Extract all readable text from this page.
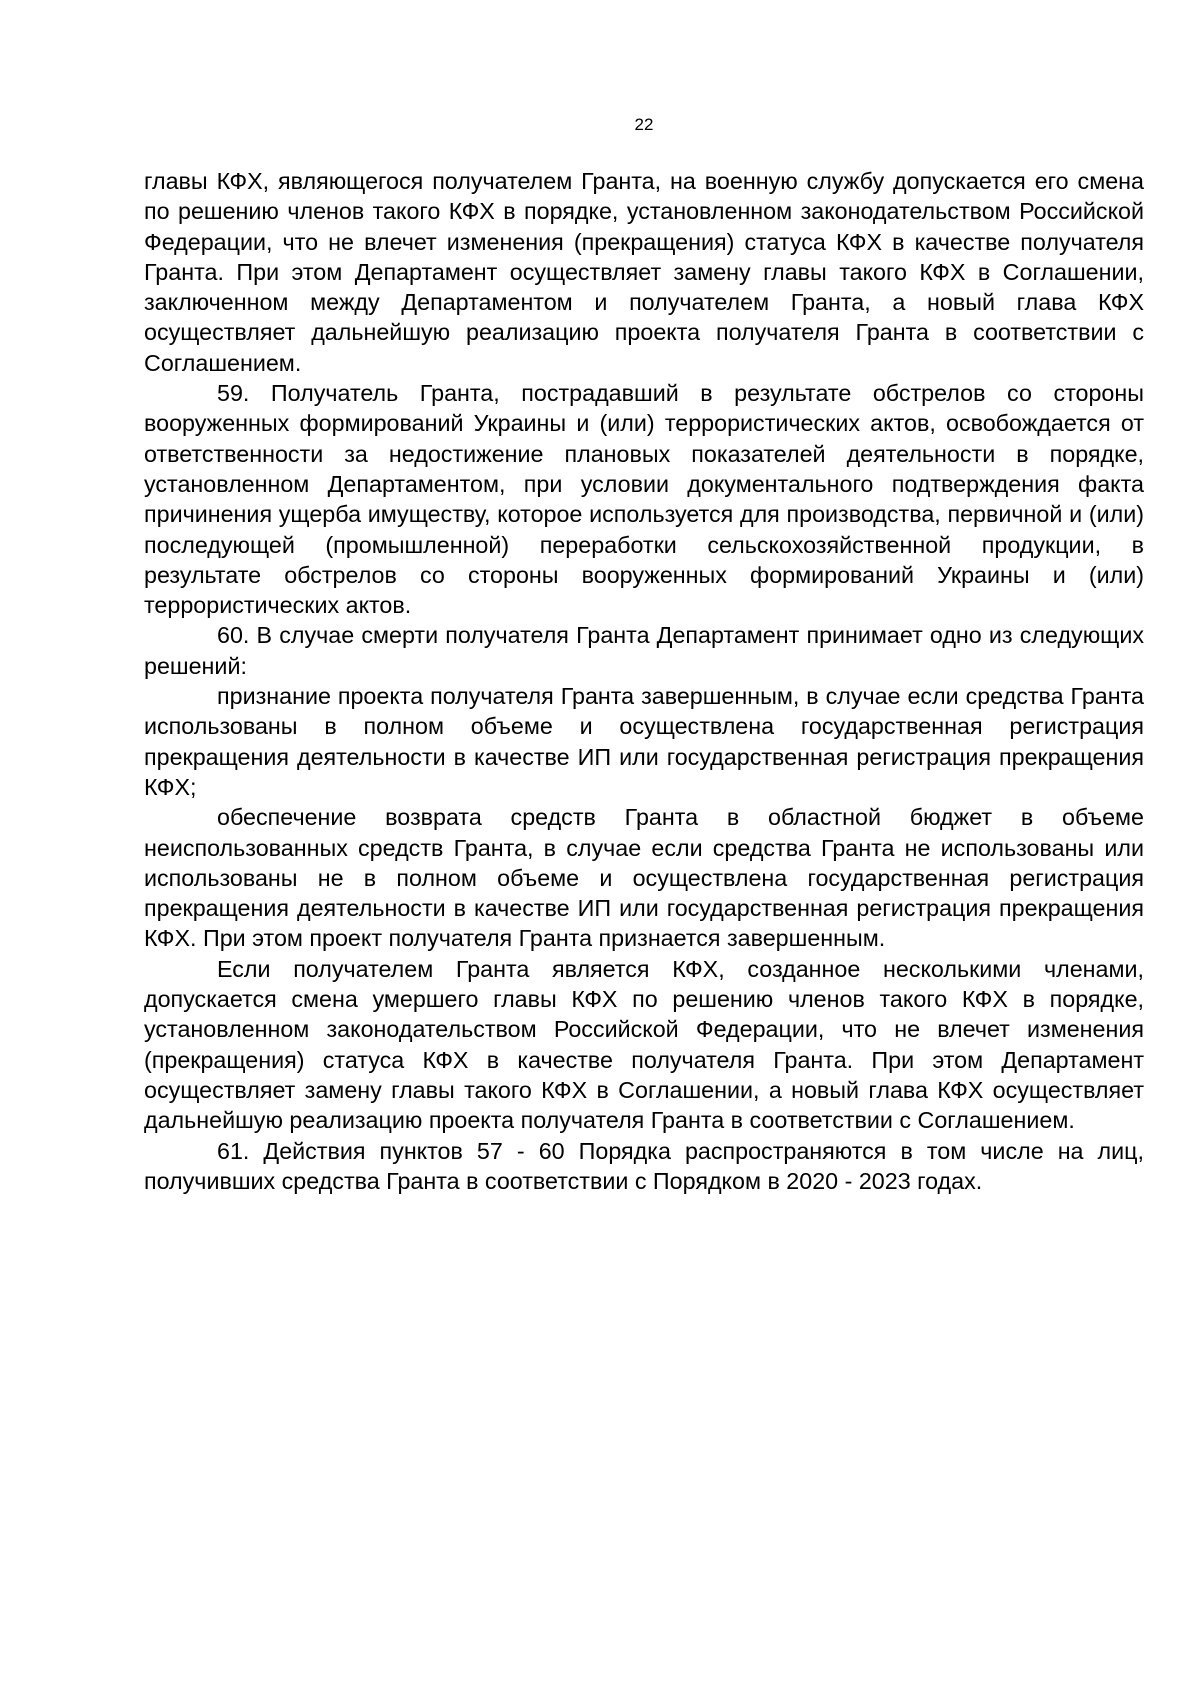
22

главы КФХ, являющегося получателем Гранта, на военную службу допускается его смена по решению членов такого КФХ в порядке, установленном законодательством Российской Федерации, что не влечет изменения (прекращения) статуса КФХ в качестве получателя Гранта. При этом Департамент осуществляет замену главы такого КФХ в Соглашении, заключенном между Департаментом и получателем Гранта, а новый глава КФХ осуществляет дальнейшую реализацию проекта получателя Гранта в соответствии с Соглашением.

59. Получатель Гранта, пострадавший в результате обстрелов со стороны вооруженных формирований Украины и (или) террористических актов, освобождается от ответственности за недостижение плановых показателей деятельности в порядке, установленном Департаментом, при условии документального подтверждения факта причинения ущерба имуществу, которое используется для производства, первичной и (или) последующей (промышленной) переработки сельскохозяйственной продукции, в результате обстрелов со стороны вооруженных формирований Украины и (или) террористических актов.

60. В случае смерти получателя Гранта Департамент принимает одно из следующих решений:

признание проекта получателя Гранта завершенным, в случае если средства Гранта использованы в полном объеме и осуществлена государственная регистрация прекращения деятельности в качестве ИП или государственная регистрация прекращения КФХ;

обеспечение возврата средств Гранта в областной бюджет в объеме неиспользованных средств Гранта, в случае если средства Гранта не использованы или использованы не в полном объеме и осуществлена государственная регистрация прекращения деятельности в качестве ИП или государственная регистрация прекращения КФХ. При этом проект получателя Гранта признается завершенным.

Если получателем Гранта является КФХ, созданное несколькими членами, допускается смена умершего главы КФХ по решению членов такого КФХ в порядке, установленном законодательством Российской Федерации, что не влечет изменения (прекращения) статуса КФХ в качестве получателя Гранта. При этом Департамент осуществляет замену главы такого КФХ в Соглашении, а новый глава КФХ осуществляет дальнейшую реализацию проекта получателя Гранта в соответствии с Соглашением.

61. Действия пунктов 57 - 60 Порядка распространяются в том числе на лиц, получивших средства Гранта в соответствии с Порядком в 2020 - 2023 годах.
